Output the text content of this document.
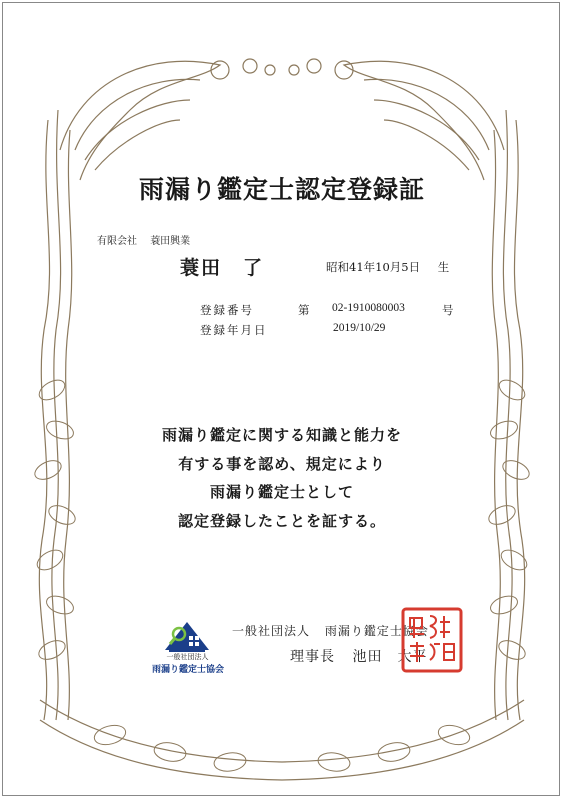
雨漏り鑑定士認定登録証
有限会社 蓑田興業
蓑田　了	昭和41年10月5日 生
登録番号	第 02-1910080003	号
登録年月日	2019/10/29
雨漏り鑑定に関する知識と能力を
有する事を認め、規定により
雨漏り鑑定士として
認定登録したことを証する。
一般社団法人
雨漏り鑑定士協会
一般社団法人 雨漏り鑑定士協会
理事長 池田　大平
